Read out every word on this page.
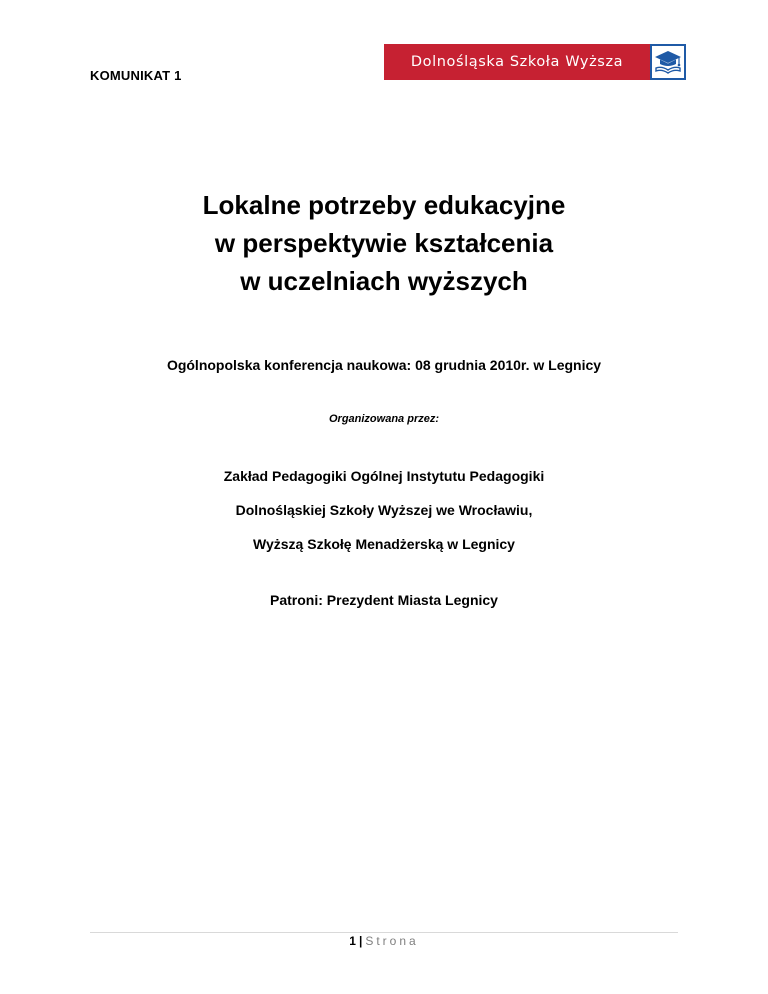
KOMUNIKAT 1
Dolnośląska Szkoła Wyższa
Lokalne potrzeby edukacyjne
w perspektywie kształcenia
w uczelniach wyższych
Ogólnopolska konferencja naukowa: 08 grudnia 2010r. w Legnicy
Organizowana przez:
Zakład Pedagogiki Ogólnej Instytutu Pedagogiki
Dolnośląskiej Szkoły Wyższej we Wrocławiu,
Wyższą Szkołę Menadżerską w Legnicy
Patroni: Prezydent Miasta Legnicy
1 | Strona
